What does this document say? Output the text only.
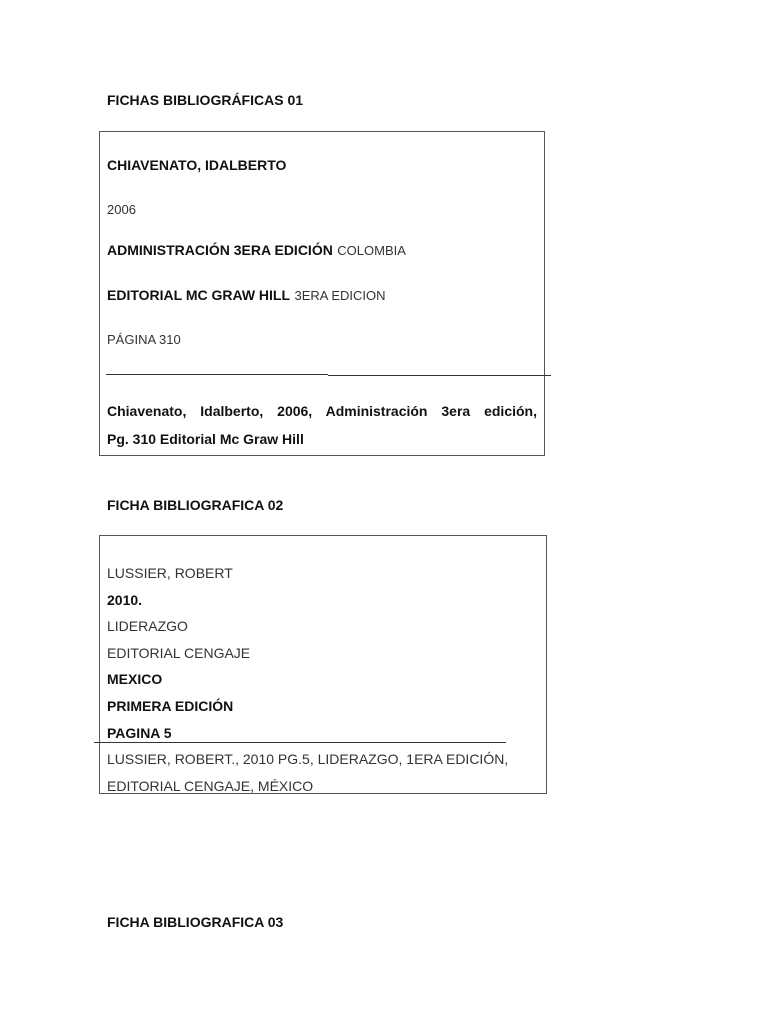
FICHAS BIBLIOGRÁFICAS 01
CHIAVENATO, IDALBERTO
2006
ADMINISTRACIÓN 3ERA EDICIÓN COLOMBIA
EDITORIAL MC GRAW HILL 3ERA EDICION
PÁGINA 310
Chiavenato, Idalberto, 2006, Administración 3era edición,
Pg. 310 Editorial Mc Graw Hill
FICHA BIBLIOGRAFICA 02
LUSSIER, ROBERT
2010.
LIDERAZGO
EDITORIAL CENGAJE
MEXICO
PRIMERA EDICIÓN
PAGINA 5
LUSSIER, ROBERT., 2010 PG.5, LIDERAZGO, 1ERA EDICIÓN,
EDITORIAL CENGAJE, MÉXICO
FICHA BIBLIOGRAFICA 03
